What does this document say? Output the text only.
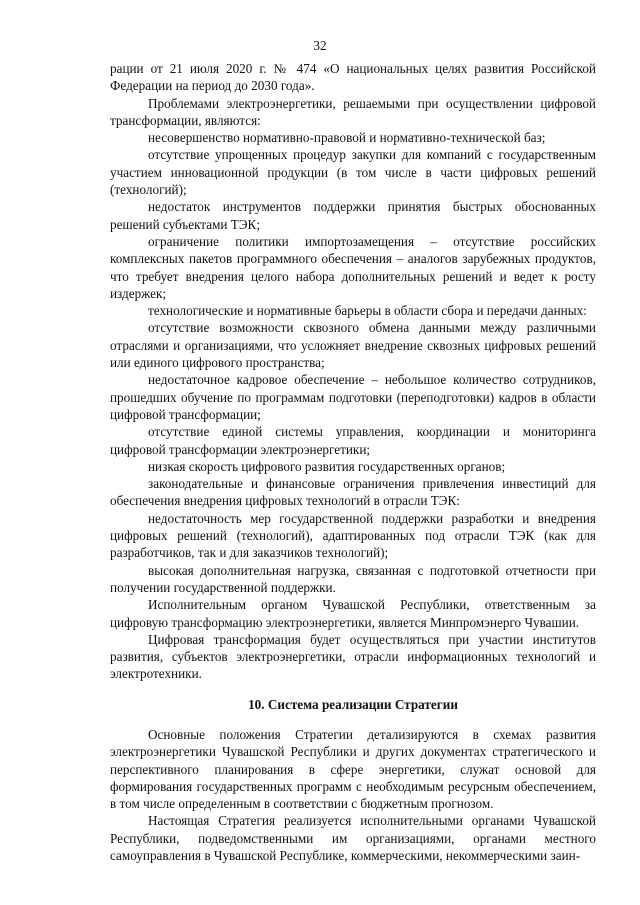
32

рации от 21 июля 2020 г. № 474 «О национальных целях развития Российской Федерации на период до 2030 года».

Проблемами электроэнергетики, решаемыми при осуществлении цифровой трансформации, являются:

несовершенство нормативно-правовой и нормативно-технической баз;

отсутствие упрощенных процедур закупки для компаний с государственным участием инновационной продукции (в том числе в части цифровых решений (технологий);

недостаток инструментов поддержки принятия быстрых обоснованных решений субъектами ТЭК;

ограничение политики импортозамещения – отсутствие российских комплексных пакетов программного обеспечения – аналогов зарубежных продуктов, что требует внедрения целого набора дополнительных решений и ведет к росту издержек;

технологические и нормативные барьеры в области сбора и передачи данных:

отсутствие возможности сквозного обмена данными между различными отраслями и организациями, что усложняет внедрение сквозных цифровых решений или единого цифрового пространства;

недостаточное кадровое обеспечение – небольшое количество сотрудников, прошедших обучение по программам подготовки (переподготовки) кадров в области цифровой трансформации;

отсутствие единой системы управления, координации и мониторинга цифровой трансформации электроэнергетики;

низкая скорость цифрового развития государственных органов;

законодательные и финансовые ограничения привлечения инвестиций для обеспечения внедрения цифровых технологий в отрасли ТЭК:

недостаточность мер государственной поддержки разработки и внедрения цифровых решений (технологий), адаптированных под отрасли ТЭК (как для разработчиков, так и для заказчиков технологий);

высокая дополнительная нагрузка, связанная с подготовкой отчетности при получении государственной поддержки.

Исполнительным органом Чувашской Республики, ответственным за цифровую трансформацию электроэнергетики, является Минпромэнерго Чувашии.

Цифровая трансформация будет осуществляться при участии институтов развития, субъектов электроэнергетики, отрасли информационных технологий и электротехники.

10. Система реализации Стратегии

Основные положения Стратегии детализируются в схемах развития электроэнергетики Чувашской Республики и других документах стратегического и перспективного планирования в сфере энергетики, служат основой для формирования государственных программ с необходимым ресурсным обеспечением, в том числе определенным в соответствии с бюджетным прогнозом.

Настоящая Стратегия реализуется исполнительными органами Чувашской Республики, подведомственными им организациями, органами местного самоуправления в Чувашской Республике, коммерческими, некоммерческими заин-
